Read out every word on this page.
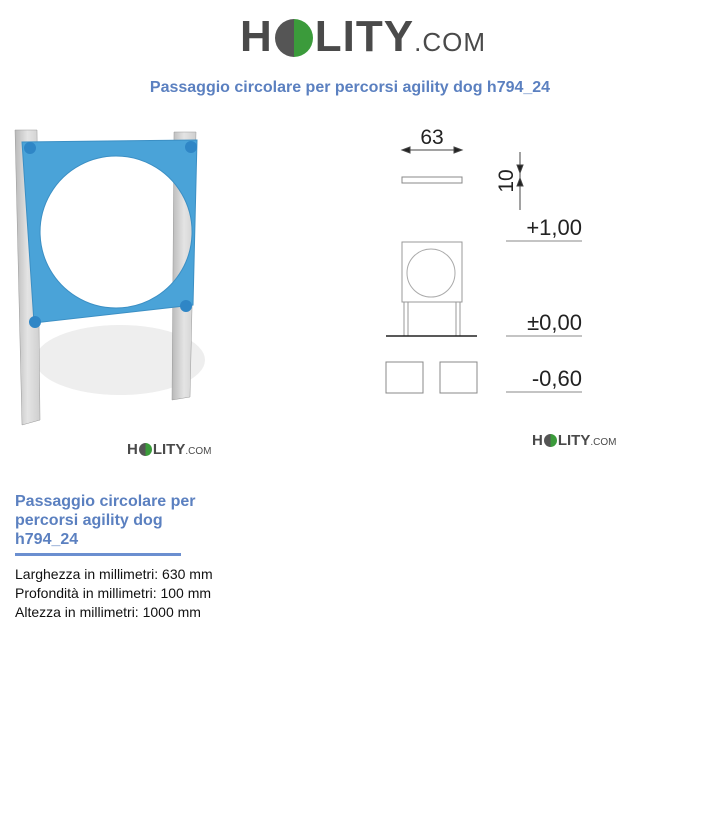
H LITY .COM
Passaggio circolare per percorsi agility dog h794_24
H LITY .COM
63
10
+1,00
±0,00
-0,60
H LITY .COM
Passaggio circolare per percorsi agility dog h794_24
Larghezza in millimetri: 630 mm
Profondità in millimetri: 100 mm
Altezza in millimetri: 1000 mm
